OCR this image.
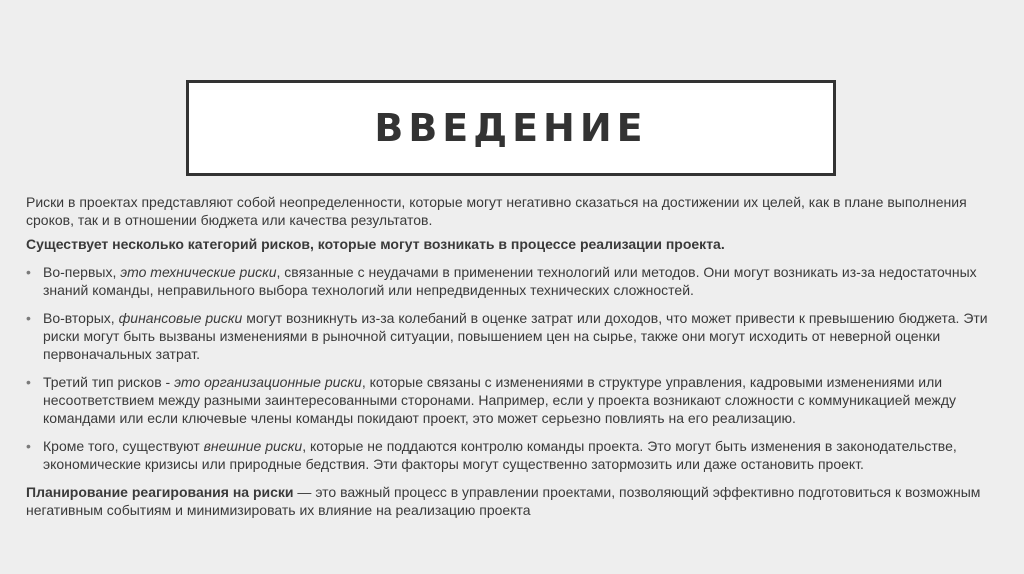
ВВЕДЕНИЕ

Риски в проектах представляют собой неопределенности, которые могут негативно сказаться на достижении их целей, как в плане выполнения сроков, так и в отношении бюджета или качества результатов.

Существует несколько категорий рисков, которые могут возникать в процессе реализации проекта.

• Во-первых, это технические риски, связанные с неудачами в применении технологий или методов. Они могут возникать из-за недостаточных знаний команды, неправильного выбора технологий или непредвиденных технических сложностей.
• Во-вторых, финансовые риски могут возникнуть из-за колебаний в оценке затрат или доходов, что может привести к превышению бюджета. Эти риски могут быть вызваны изменениями в рыночной ситуации, повышением цен на сырье, также они могут исходить от неверной оценки первоначальных затрат.
• Третий тип рисков - это организационные риски, которые связаны с изменениями в структуре управления, кадровыми изменениями или несоответствием между разными заинтересованными сторонами. Например, если у проекта возникают сложности с коммуникацией между командами или если ключевые члены команды покидают проект, это может серьезно повлиять на его реализацию.
• Кроме того, существуют внешние риски, которые не поддаются контролю команды проекта. Это могут быть изменения в законодательстве, экономические кризисы или природные бедствия. Эти факторы могут существенно затормозить или даже остановить проект.

Планирование реагирования на риски — это важный процесс в управлении проектами, позволяющий эффективно подготовиться к возможным негативным событиям и минимизировать их влияние на реализацию проекта
